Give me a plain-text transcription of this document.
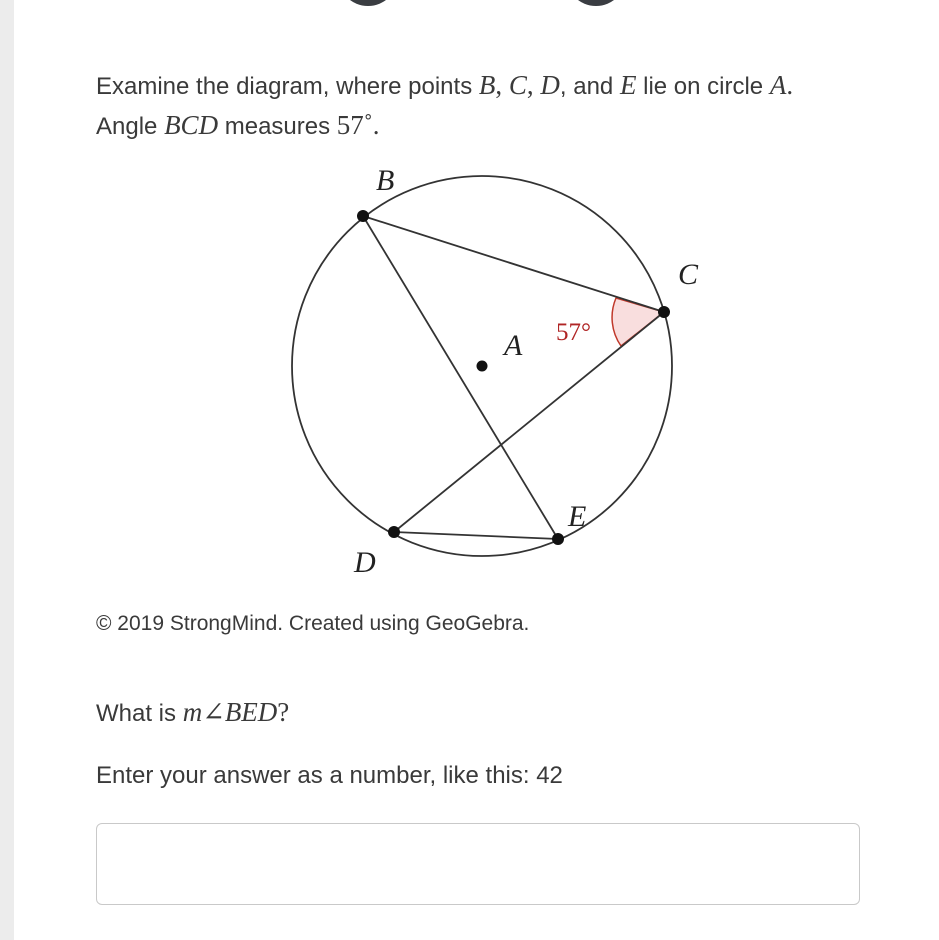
Examine the diagram, where points B, C, D, and E lie on circle A.
Angle BCD measures 57˚.
B
C
D
E
A 57°
© 2019 StrongMind. Created using GeoGebra.
What is m∠BED?
Enter your answer as a number, like this: 42
